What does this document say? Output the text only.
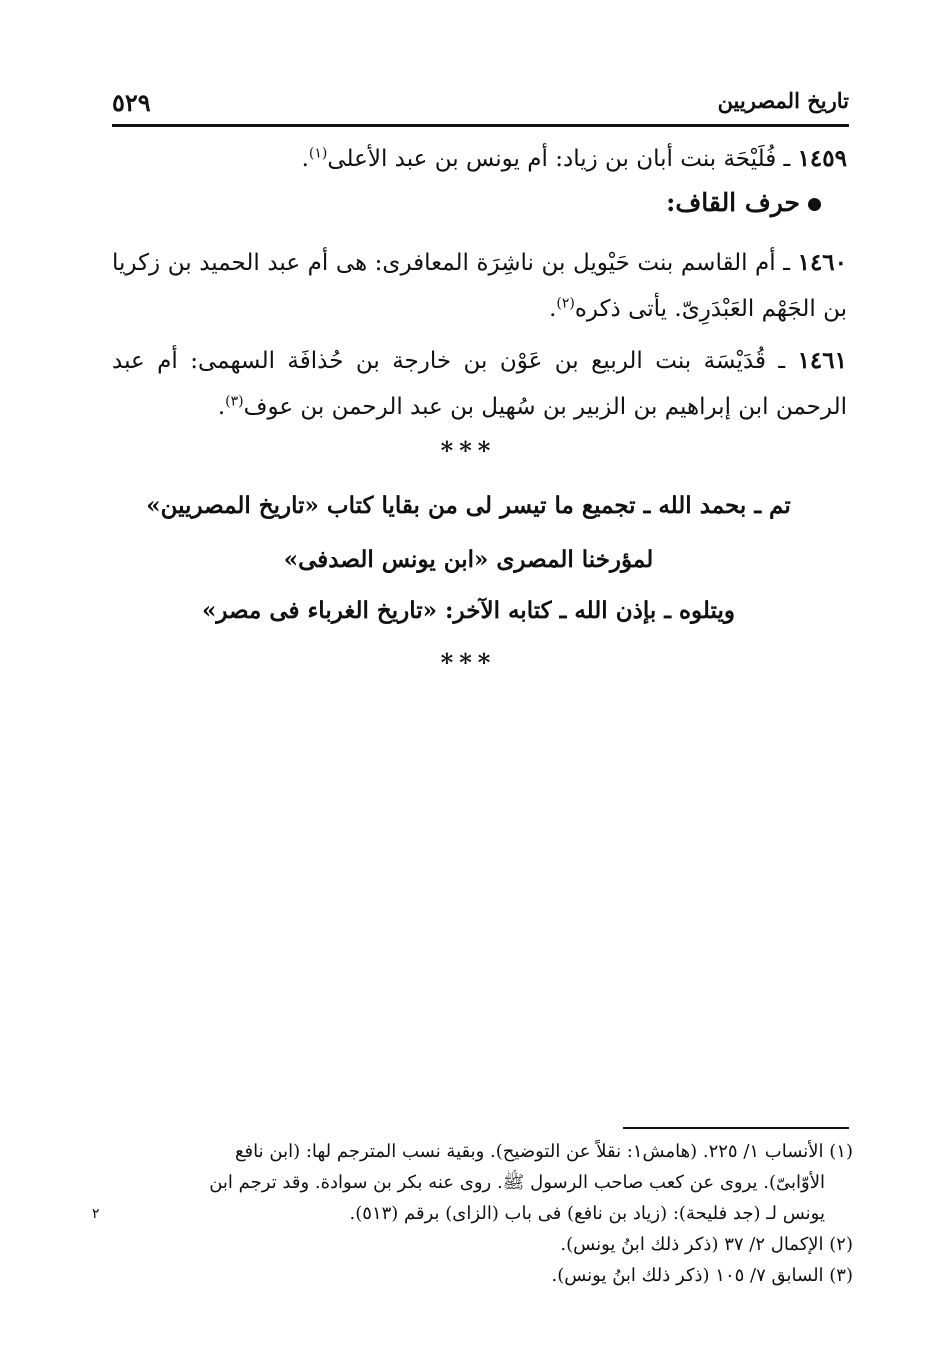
تاريخ المصريين
٥٢٩
١٤٥٩ ـ فُلَيْحَة بنت أبان بن زياد: أم يونس بن عبد الأعلى$^{(١)}$.
حرف القاف:
١٤٦٠ ـ أم القاسم بنت حَيْويل بن ناشِرَة المعافرى: هى أم عبد الحميد بن زكريا بن الجَهْم العَبْدَرِىّ. يأتى ذكره$^{(٢)}$.
١٤٦١ ـ قُدَيْسَة بنت الربيع بن عَوْن بن خارجة بن حُذافَة السهمى: أم عبد الرحمن ابن إبراهيم بن الزبير بن سُهيل بن عبد الرحمن بن عوف$^{(٣)}$.
***
تم ـ بحمد الله ـ تجميع ما تيسر لى من بقايا كتاب «تاريخ المصريين»
لمؤرخنا المصرى «ابن يونس الصدفى»
ويتلوه ـ بإذن الله ـ كتابه الآخر: «تاريخ الغرباء فى مصر»
***
(١) الأنساب ١/ ٢٢٥. (هامش١: نقلاً عن التوضيح). وبقية نسب المترجم لها: (ابن نافع
الأوّابىّ). يروى عن كعب صاحب الرسول ﷺ. روى عنه بكر بن سوادة. وقد ترجم ابن
يونس لـ (جد فليحة): (زياد بن نافع) فى باب (الزاى) برقم (٥١٣).
(٢) الإكمال ٢/ ٣٧ (ذكر ذلك ابنُ يونس).
(٣) السابق ٧/ ١٠٥ (ذكر ذلك ابنُ يونس).
٢
